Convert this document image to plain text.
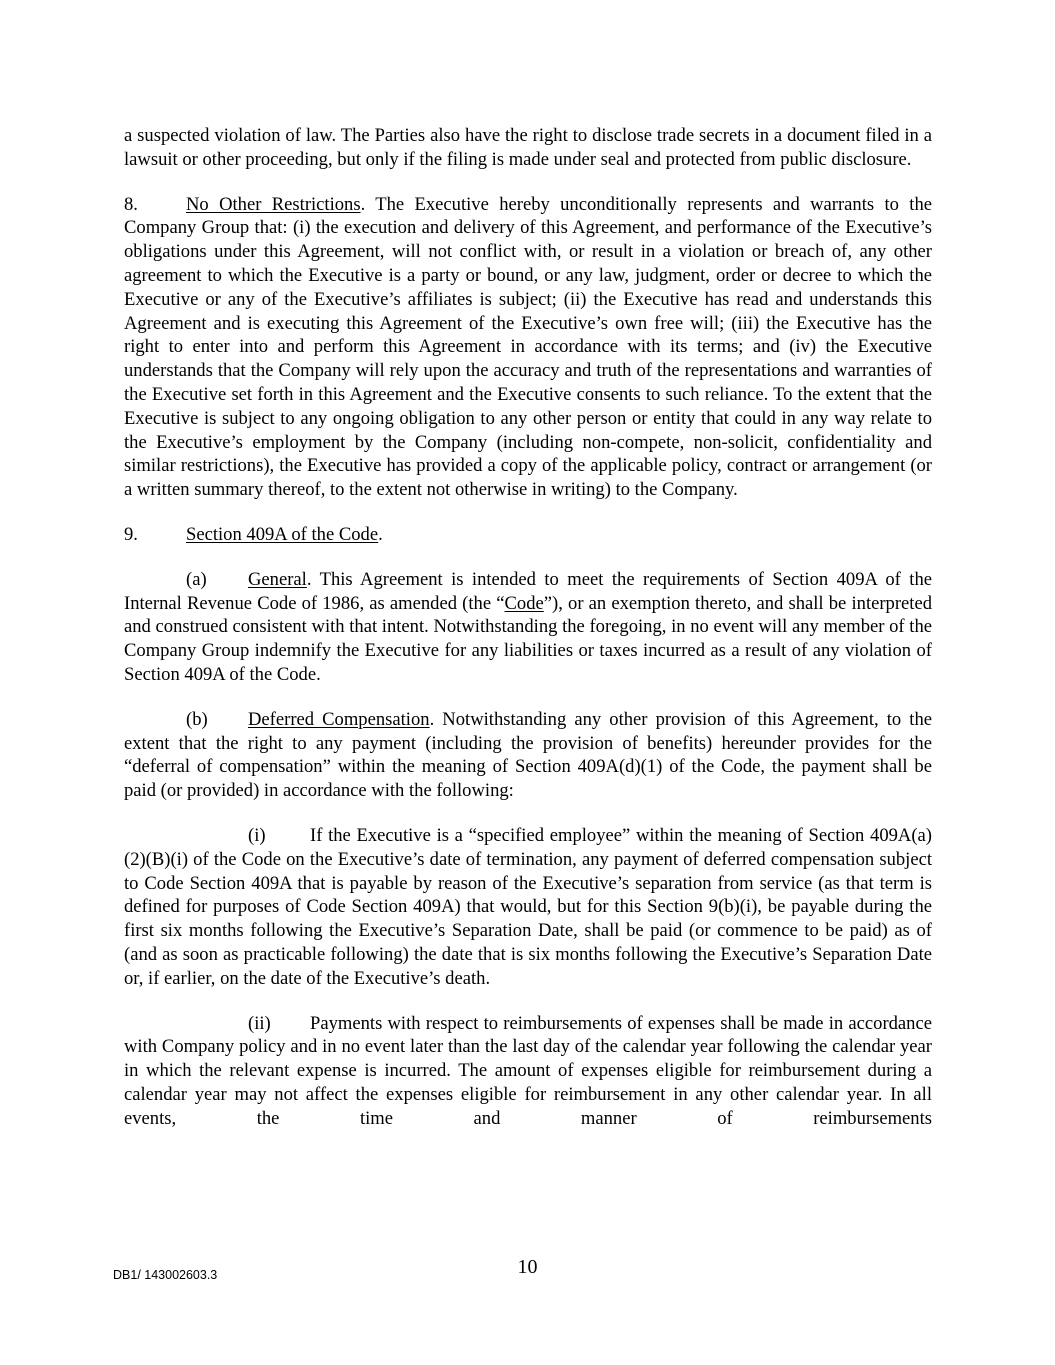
a suspected violation of law. The Parties also have the right to disclose trade secrets in a document filed in a lawsuit or other proceeding, but only if the filing is made under seal and protected from public disclosure.

8.	No Other Restrictions. The Executive hereby unconditionally represents and warrants to the Company Group that: (i) the execution and delivery of this Agreement, and performance of the Executive’s obligations under this Agreement, will not conflict with, or result in a violation or breach of, any other agreement to which the Executive is a party or bound, or any law, judgment, order or decree to which the Executive or any of the Executive’s affiliates is subject; (ii) the Executive has read and understands this Agreement and is executing this Agreement of the Executive’s own free will; (iii) the Executive has the right to enter into and perform this Agreement in accordance with its terms; and (iv) the Executive understands that the Company will rely upon the accuracy and truth of the representations and warranties of the Executive set forth in this Agreement and the Executive consents to such reliance. To the extent that the Executive is subject to any ongoing obligation to any other person or entity that could in any way relate to the Executive’s employment by the Company (including non-compete, non-solicit, confidentiality and similar restrictions), the Executive has provided a copy of the applicable policy, contract or arrangement (or a written summary thereof, to the extent not otherwise in writing) to the Company.

9.	Section 409A of the Code.

(a) General. This Agreement is intended to meet the requirements of Section 409A of the Internal Revenue Code of 1986, as amended (the “Code”), or an exemption thereto, and shall be interpreted and construed consistent with that intent. Notwithstanding the foregoing, in no event will any member of the Company Group indemnify the Executive for any liabilities or taxes incurred as a result of any violation of Section 409A of the Code.

(b) Deferred Compensation. Notwithstanding any other provision of this Agreement, to the extent that the right to any payment (including the provision of benefits) hereunder provides for the “deferral of compensation” within the meaning of Section 409A(d)(1) of the Code, the payment shall be paid (or provided) in accordance with the following:

(i) If the Executive is a “specified employee” within the meaning of Section 409A(a)(2)(B)(i) of the Code on the Executive’s date of termination, any payment of deferred compensation subject to Code Section 409A that is payable by reason of the Executive’s separation from service (as that term is defined for purposes of Code Section 409A) that would, but for this Section 9(b)(i), be payable during the first six months following the Executive’s Separation Date, shall be paid (or commence to be paid) as of (and as soon as practicable following) the date that is six months following the Executive’s Separation Date or, if earlier, on the date of the Executive’s death.

(ii) Payments with respect to reimbursements of expenses shall be made in accordance with Company policy and in no event later than the last day of the calendar year following the calendar year in which the relevant expense is incurred. The amount of expenses eligible for reimbursement during a calendar year may not affect the expenses eligible for reimbursement in any other calendar year. In all events, the time and manner of reimbursements

DB1/ 143002603.3	10
